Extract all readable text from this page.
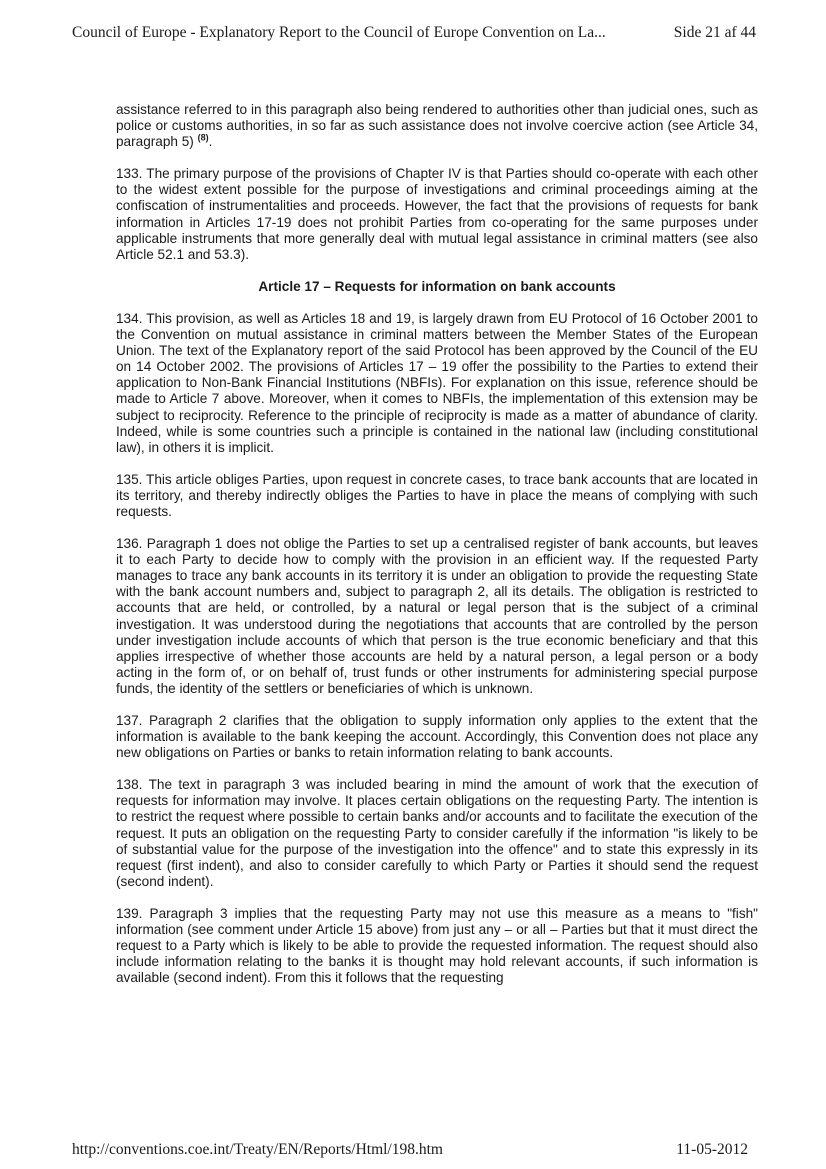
Council of Europe - Explanatory Report to the Council of Europe Convention on La...	Side 21 af 44

assistance referred to in this paragraph also being rendered to authorities other than judicial ones, such as police or customs authorities, in so far as such assistance does not involve coercive action (see Article 34, paragraph 5) $^{(8)}$.

133. The primary purpose of the provisions of Chapter IV is that Parties should co-operate with each other to the widest extent possible for the purpose of investigations and criminal proceedings aiming at the confiscation of instrumentalities and proceeds. However, the fact that the provisions of requests for bank information in Articles 17-19 does not prohibit Parties from co-operating for the same purposes under applicable instruments that more generally deal with mutual legal assistance in criminal matters (see also Article 52.1 and 53.3).

Article 17 – Requests for information on bank accounts

134. This provision, as well as Articles 18 and 19, is largely drawn from EU Protocol of 16 October 2001 to the Convention on mutual assistance in criminal matters between the Member States of the European Union. The text of the Explanatory report of the said Protocol has been approved by the Council of the EU on 14 October 2002. The provisions of Articles 17 – 19 offer the possibility to the Parties to extend their application to Non-Bank Financial Institutions (NBFIs). For explanation on this issue, reference should be made to Article 7 above. Moreover, when it comes to NBFIs, the implementation of this extension may be subject to reciprocity. Reference to the principle of reciprocity is made as a matter of abundance of clarity. Indeed, while is some countries such a principle is contained in the national law (including constitutional law), in others it is implicit.

135. This article obliges Parties, upon request in concrete cases, to trace bank accounts that are located in its territory, and thereby indirectly obliges the Parties to have in place the means of complying with such requests.

136. Paragraph 1 does not oblige the Parties to set up a centralised register of bank accounts, but leaves it to each Party to decide how to comply with the provision in an efficient way. If the requested Party manages to trace any bank accounts in its territory it is under an obligation to provide the requesting State with the bank account numbers and, subject to paragraph 2, all its details. The obligation is restricted to accounts that are held, or controlled, by a natural or legal person that is the subject of a criminal investigation. It was understood during the negotiations that accounts that are controlled by the person under investigation include accounts of which that person is the true economic beneficiary and that this applies irrespective of whether those accounts are held by a natural person, a legal person or a body acting in the form of, or on behalf of, trust funds or other instruments for administering special purpose funds, the identity of the settlers or beneficiaries of which is unknown.

137. Paragraph 2 clarifies that the obligation to supply information only applies to the extent that the information is available to the bank keeping the account. Accordingly, this Convention does not place any new obligations on Parties or banks to retain information relating to bank accounts.

138. The text in paragraph 3 was included bearing in mind the amount of work that the execution of requests for information may involve. It places certain obligations on the requesting Party. The intention is to restrict the request where possible to certain banks and/or accounts and to facilitate the execution of the request. It puts an obligation on the requesting Party to consider carefully if the information "is likely to be of substantial value for the purpose of the investigation into the offence" and to state this expressly in its request (first indent), and also to consider carefully to which Party or Parties it should send the request (second indent).

139. Paragraph 3 implies that the requesting Party may not use this measure as a means to "fish" information (see comment under Article 15 above) from just any – or all – Parties but that it must direct the request to a Party which is likely to be able to provide the requested information. The request should also include information relating to the banks it is thought may hold relevant accounts, if such information is available (second indent). From this it follows that the requesting

http://conventions.coe.int/Treaty/EN/Reports/Html/198.htm	11-05-2012
